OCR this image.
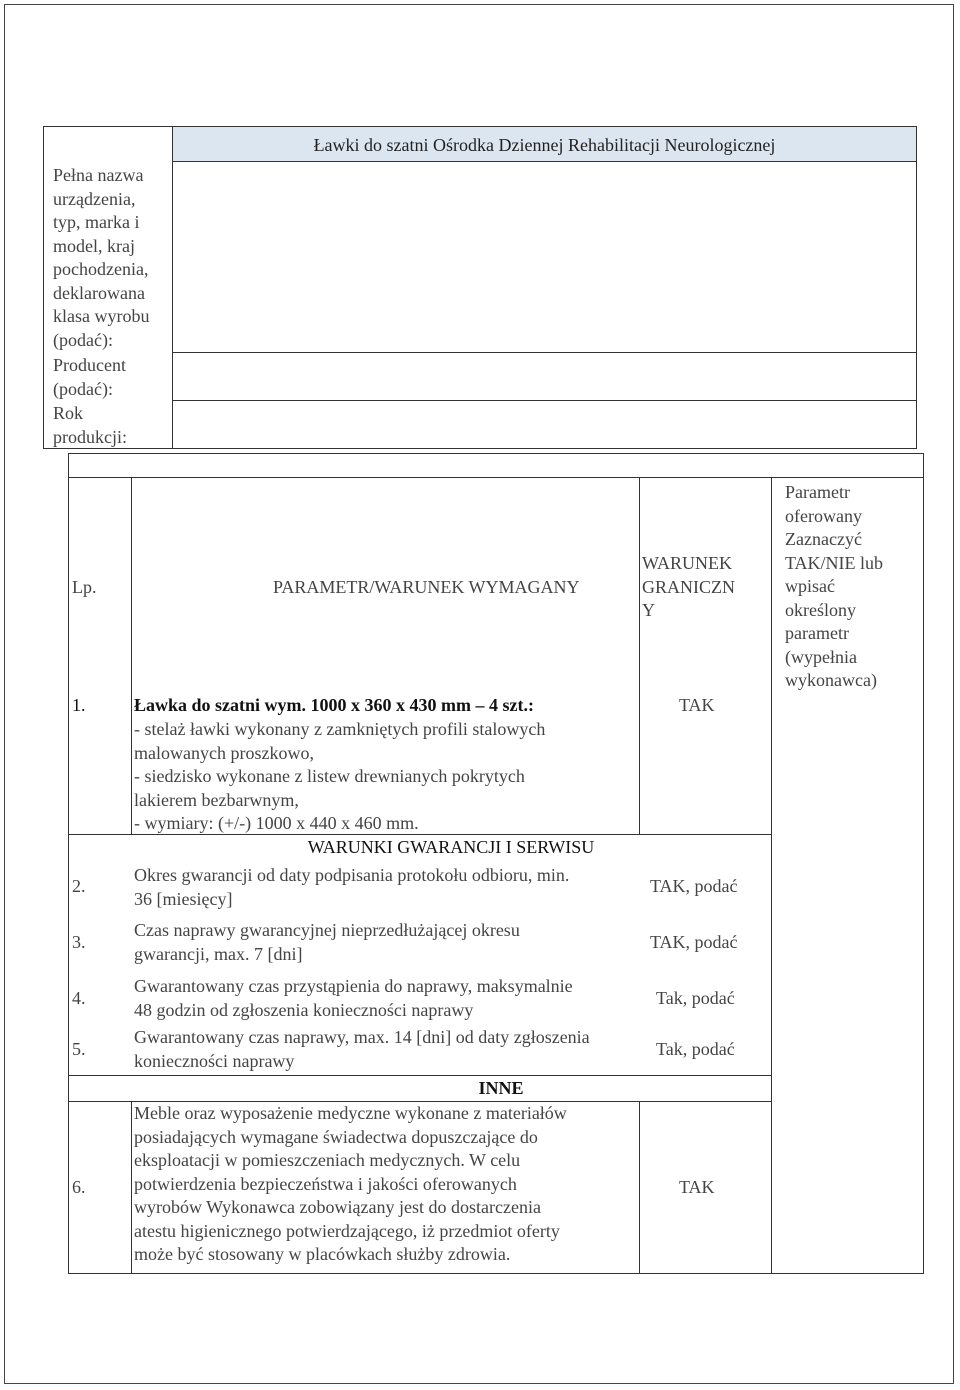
Ławki do szatni Ośrodka Dziennej Rehabilitacji Neurologicznej
Pełna nazwa
urządzenia,
typ, marka i
model, kraj
pochodzenia,
deklarowana
klasa wyrobu
(podać):
Producent
(podać):
Rok
produkcji:
Lp.	PARAMETR/WARUNEK WYMAGANY
WARUNEK
GRANICZN
Y
Parametr
oferowany
Zaznaczyć
TAK/NIE lub
wpisać
określony
parametr
(wypełnia
wykonawca)
1.	Ławka do szatni wym. 1000 x 360 x 430 mm – 4 szt.:
- stelaż ławki wykonany z zamkniętych profili stalowych
malowanych proszkowo,
- siedzisko wykonane z listew drewnianych pokrytych
lakierem bezbarwnym,
- wymiary: (+/-) 1000 x 440 x 460 mm.
TAK
WARUNKI GWARANCJI I SERWISU
2.
Okres gwarancji od daty podpisania protokołu odbioru, min.
36 [miesięcy]
TAK, podać
3.
Czas naprawy gwarancyjnej nieprzedłużającej okresu
gwarancji, max. 7 [dni]
TAK, podać
4.
Gwarantowany czas przystąpienia do naprawy, maksymalnie
48 godzin od zgłoszenia konieczności naprawy
Tak, podać
5.
Gwarantowany czas naprawy, max. 14 [dni] od daty zgłoszenia
konieczności naprawy
Tak, podać
INNE
6.
Meble oraz wyposażenie medyczne wykonane z materiałów
posiadających wymagane świadectwa dopuszczające do
eksploatacji w pomieszczeniach medycznych. W celu
potwierdzenia bezpieczeństwa i jakości oferowanych
wyrobów Wykonawca zobowiązany jest do dostarczenia
atestu higienicznego potwierdzającego, iż przedmiot oferty
może być stosowany w placówkach służby zdrowia.
TAK
